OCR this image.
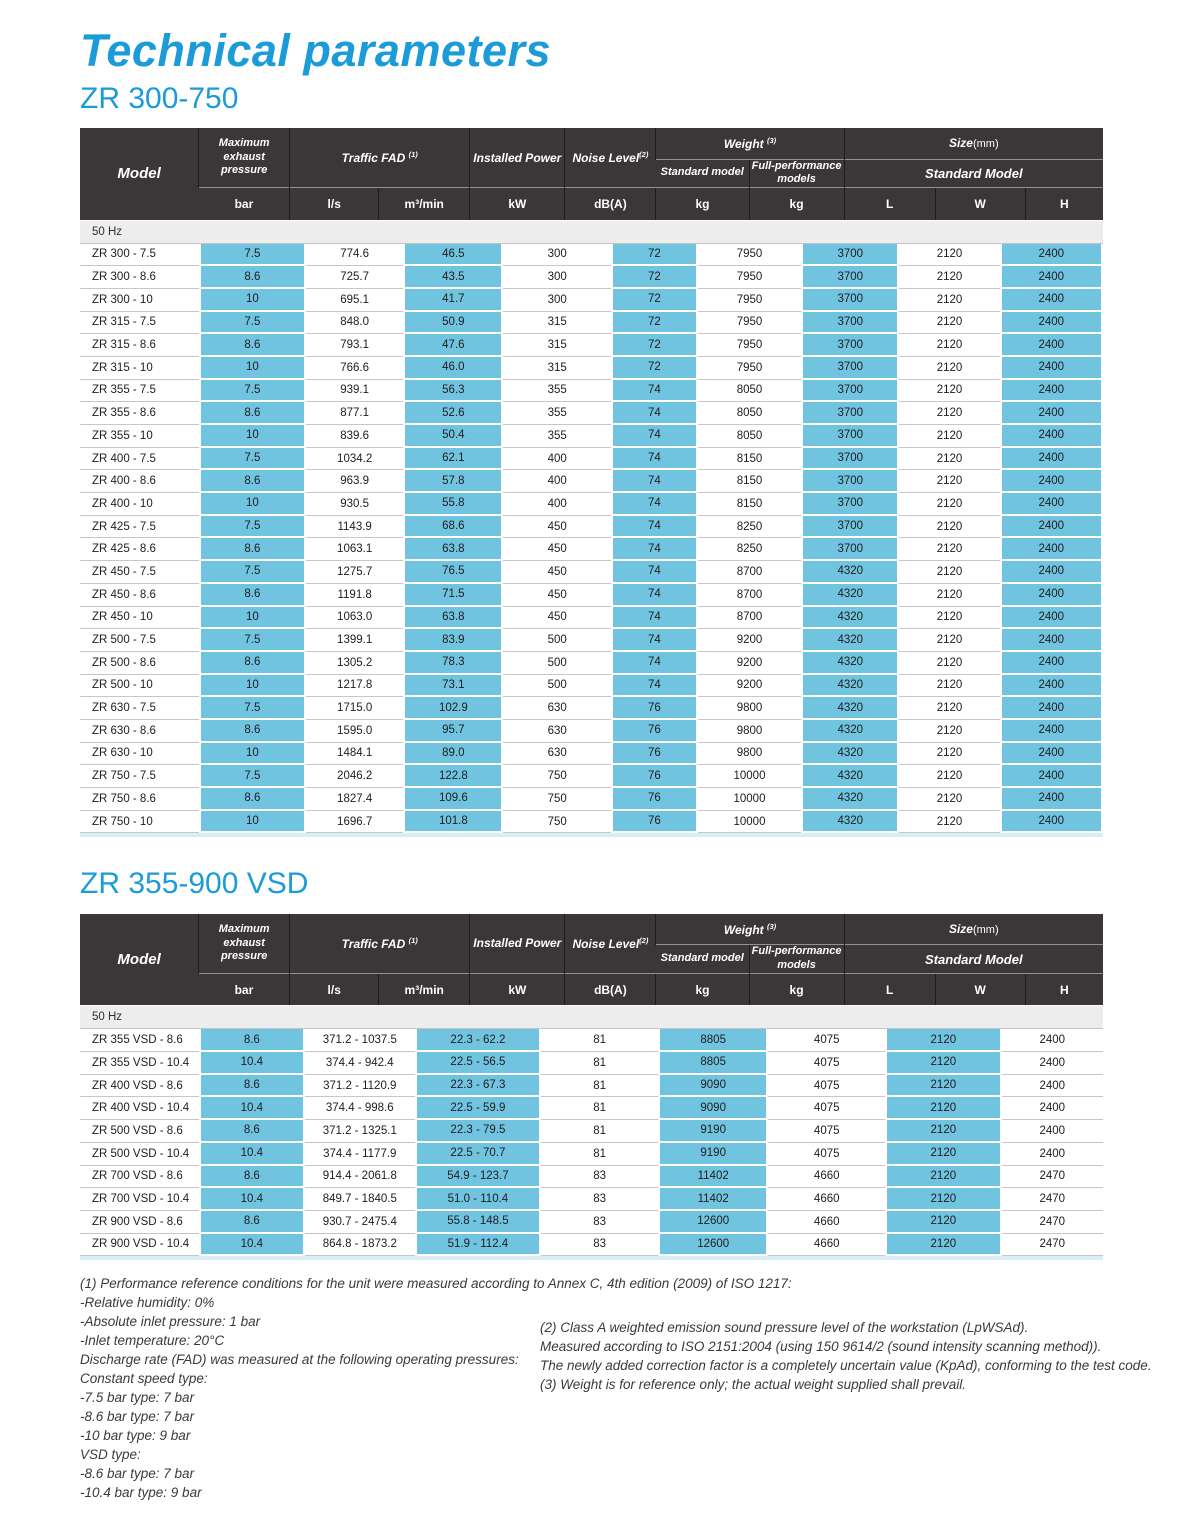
Technical parameters
ZR 300-750
Model	Maximum exhaust pressure	Traffic FAD $^{(1)}$		Installed Power	Noise Level$^{(2)}$	Weight $^{(3)}$		Size(mm)		
						Standard model	Full-performance models	Standard Model		
	bar	l/s	m³/min	kW	dB(A)	kg	kg	L	W	H
50 Hz
ZR 300 - 7.5	7.5	774.6	46.5	300	72	7950	3700	2120	2400
ZR 300 - 8.6	8.6	725.7	43.5	300	72	7950	3700	2120	2400
ZR 300 - 10	10	695.1	41.7	300	72	7950	3700	2120	2400
ZR 315 - 7.5	7.5	848.0	50.9	315	72	7950	3700	2120	2400
ZR 315 - 8.6	8.6	793.1	47.6	315	72	7950	3700	2120	2400
ZR 315 - 10	10	766.6	46.0	315	72	7950	3700	2120	2400
ZR 355 - 7.5	7.5	939.1	56.3	355	74	8050	3700	2120	2400
ZR 355 - 8.6	8.6	877.1	52.6	355	74	8050	3700	2120	2400
ZR 355 - 10	10	839.6	50.4	355	74	8050	3700	2120	2400
ZR 400 - 7.5	7.5	1034.2	62.1	400	74	8150	3700	2120	2400
ZR 400 - 8.6	8.6	963.9	57.8	400	74	8150	3700	2120	2400
ZR 400 - 10	10	930.5	55.8	400	74	8150	3700	2120	2400
ZR 425 - 7.5	7.5	1143.9	68.6	450	74	8250	3700	2120	2400
ZR 425 - 8.6	8.6	1063.1	63.8	450	74	8250	3700	2120	2400
ZR 450 - 7.5	7.5	1275.7	76.5	450	74	8700	4320	2120	2400
ZR 450 - 8.6	8.6	1191.8	71.5	450	74	8700	4320	2120	2400
ZR 450 - 10	10	1063.0	63.8	450	74	8700	4320	2120	2400
ZR 500 - 7.5	7.5	1399.1	83.9	500	74	9200	4320	2120	2400
ZR 500 - 8.6	8.6	1305.2	78.3	500	74	9200	4320	2120	2400
ZR 500 - 10	10	1217.8	73.1	500	74	9200	4320	2120	2400
ZR 630 - 7.5	7.5	1715.0	102.9	630	76	9800	4320	2120	2400
ZR 630 - 8.6	8.6	1595.0	95.7	630	76	9800	4320	2120	2400
ZR 630 - 10	10	1484.1	89.0	630	76	9800	4320	2120	2400
ZR 750 - 7.5	7.5	2046.2	122.8	750	76	10000	4320	2120	2400
ZR 750 - 8.6	8.6	1827.4	109.6	750	76	10000	4320	2120	2400
ZR 750 - 10	10	1696.7	101.8	750	76	10000	4320	2120	2400
ZR 355-900 VSD
Model	Maximum exhaust pressure	Traffic FAD $^{(1)}$		Installed Power	Noise Level$^{(2)}$	Weight $^{(3)}$		Size(mm)		
						Standard model	Full-performance models	Standard Model		
	bar	l/s	m³/min	kW	dB(A)	kg	kg	L	W	H
50 Hz
ZR 355 VSD - 8.6	8.6	371.2 - 1037.5	22.3 - 62.2	81	8805	4075	2120	2400
ZR 355 VSD - 10.4	10.4	374.4 - 942.4	22.5 - 56.5	81	8805	4075	2120	2400
ZR 400 VSD - 8.6	8.6	371.2 - 1120.9	22.3 - 67.3	81	9090	4075	2120	2400
ZR 400 VSD - 10.4	10.4	374.4 - 998.6	22.5 - 59.9	81	9090	4075	2120	2400
ZR 500 VSD - 8.6	8.6	371.2 - 1325.1	22.3 - 79.5	81	9190	4075	2120	2400
ZR 500 VSD - 10.4	10.4	374.4 - 1177.9	22.5 - 70.7	81	9190	4075	2120	2400
ZR 700 VSD - 8.6	8.6	914.4 - 2061.8	54.9 - 123.7	83	11402	4660	2120	2470
ZR 700 VSD - 10.4	10.4	849.7 - 1840.5	51.0 - 110.4	83	11402	4660	2120	2470
ZR 900 VSD - 8.6	8.6	930.7 - 2475.4	55.8 - 148.5	83	12600	4660	2120	2470
ZR 900 VSD - 10.4	10.4	864.8 - 1873.2	51.9 - 112.4	83	12600	4660	2120	2470
(1) Performance reference conditions for the unit were measured according to Annex C, 4th edition (2009) of ISO 1217:
-Relative humidity: 0%
-Absolute inlet pressure: 1 bar
-Inlet temperature: 20°C
Discharge rate (FAD) was measured at the following operating pressures:
Constant speed type:
-7.5 bar type: 7 bar
-8.6 bar type: 7 bar
-10 bar type: 9 bar
VSD type:
-8.6 bar type: 7 bar
-10.4 bar type: 9 bar
(2) Class A weighted emission sound pressure level of the workstation (LpWSAd).
Measured according to ISO 2151:2004 (using 150 9614/2 (sound intensity scanning method)).
The newly added correction factor is a completely uncertain value (KpAd), conforming to the test code.
(3) Weight is for reference only; the actual weight supplied shall prevail.
